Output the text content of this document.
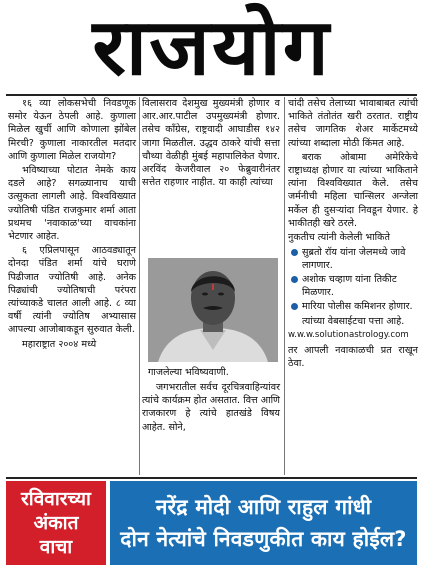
राजयोग

१६ व्या लोकसभेची निवडणूक समोर येऊन ठेपली आहे. कुणाला मिळेल खुर्ची आणि कोणाला झोंबेल मिरची? कुणाला नाकारतील मतदार आणि कुणाला मिळेल राजयोग?

भविष्याच्या पोटात नेमके काय दडले आहे? सगळ्यानाच याची उत्सुकता लागली आहे. विश्वविख्यात ज्योतिषी पंडित राजकुमार शर्मा आता प्रथमच 'नवाकाळ'च्या वाचकांना भेटणार आहेत.

६ एप्रिलपासून आठवड्यातून दोनदा पंडित शर्मा यांचे घराणे पिढीजात ज्योतिषी आहे. अनेक पिढ्यांची ज्योतिषाची परंपरा त्यांच्याकडे चालत आली आहे. ८ व्या वर्षी त्यांनी ज्योतिष अभ्यासास आपल्या आजोबाकडून सुरुवात केली.

महाराष्ट्रात २००४ मध्ये

विलासराव देशमुख मुख्यमंत्री होणार व आर.आर.पाटील उपमुख्यमंत्री होणार. तसेच काँग्रेस, राष्ट्रवादी आघाडीस १४२ जागा मिळतील. उद्धव ठाकरे यांची सत्ता चौथ्या वेळीही मुंबई महापालिकेत येणार. अरविंद केजरीवाल २० फेब्रुवारीनंतर सत्तेत राहणार नाहीत. या काही त्यांच्या

गाजलेल्या भविष्यवाणी.

जगभरातील सर्वच दूरचित्रवाहिन्यांवर त्यांचे कार्यक्रम होत असतात. वित्त आणि राजकारण हे त्यांचे हातखंडे विषय आहेत. सोने,

चांदी तसेच तेलाच्या भावाबाबत त्यांची भाकिते तंतोतंत खरी ठरतात. राष्ट्रीय तसेच जागतिक शेअर मार्केटमध्ये त्यांच्या शब्दाला मोठी किंमत आहे.

बराक ओबामा अमेरिकेचे राष्ट्राध्यक्ष होणार या त्यांच्या भाकिताने त्यांना विश्वविख्यात केले. तसेच जर्मनीची महिला चान्सिलर अन्जेला मर्केल ही दुसऱ्यांदा निवडून येणार. हे भाकीतही खरे ठरले.

नुकतीच त्यांनी केलेली भाकिते

सुब्रतो रॉय यांना जेलमध्ये जावे लागणार.
अशोक चव्हाण यांना तिकीट मिळणार.
मारिया पोलीस कमिशनर होणार.

त्यांच्या वेबसाईटचा पत्ता आहे.

w.w.w.solutionastrology.com

तर आपली नवाकाळची प्रत राखून ठेवा.

रविवारच्या
अंकात
वाचा
नरेंद्र मोदी आणि राहुल गांधी
दोन नेत्यांचे निवडणुकीत काय होईल?
